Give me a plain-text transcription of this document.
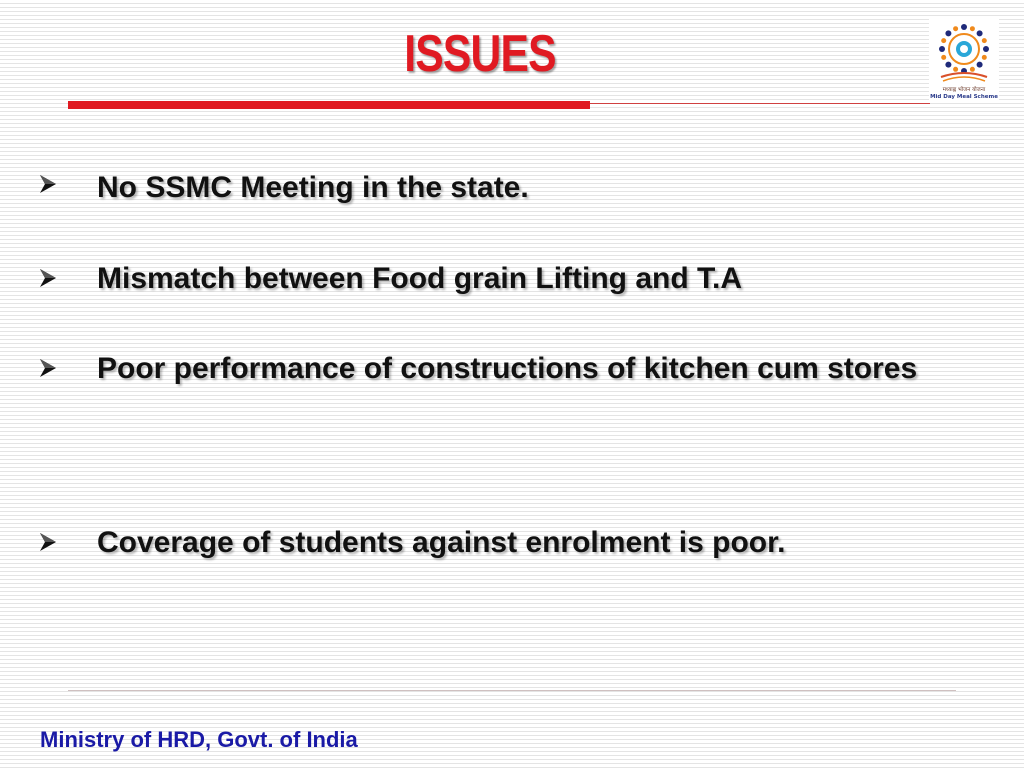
ISSUES
मध्याह्न भोजन योजना
Mid Day Meal Scheme

No SSMC Meeting in the state.

Mismatch between Food grain Lifting and T.A

Poor performance of constructions of kitchen cum stores

Coverage of students against enrolment is poor.

Ministry of HRD, Govt. of India
